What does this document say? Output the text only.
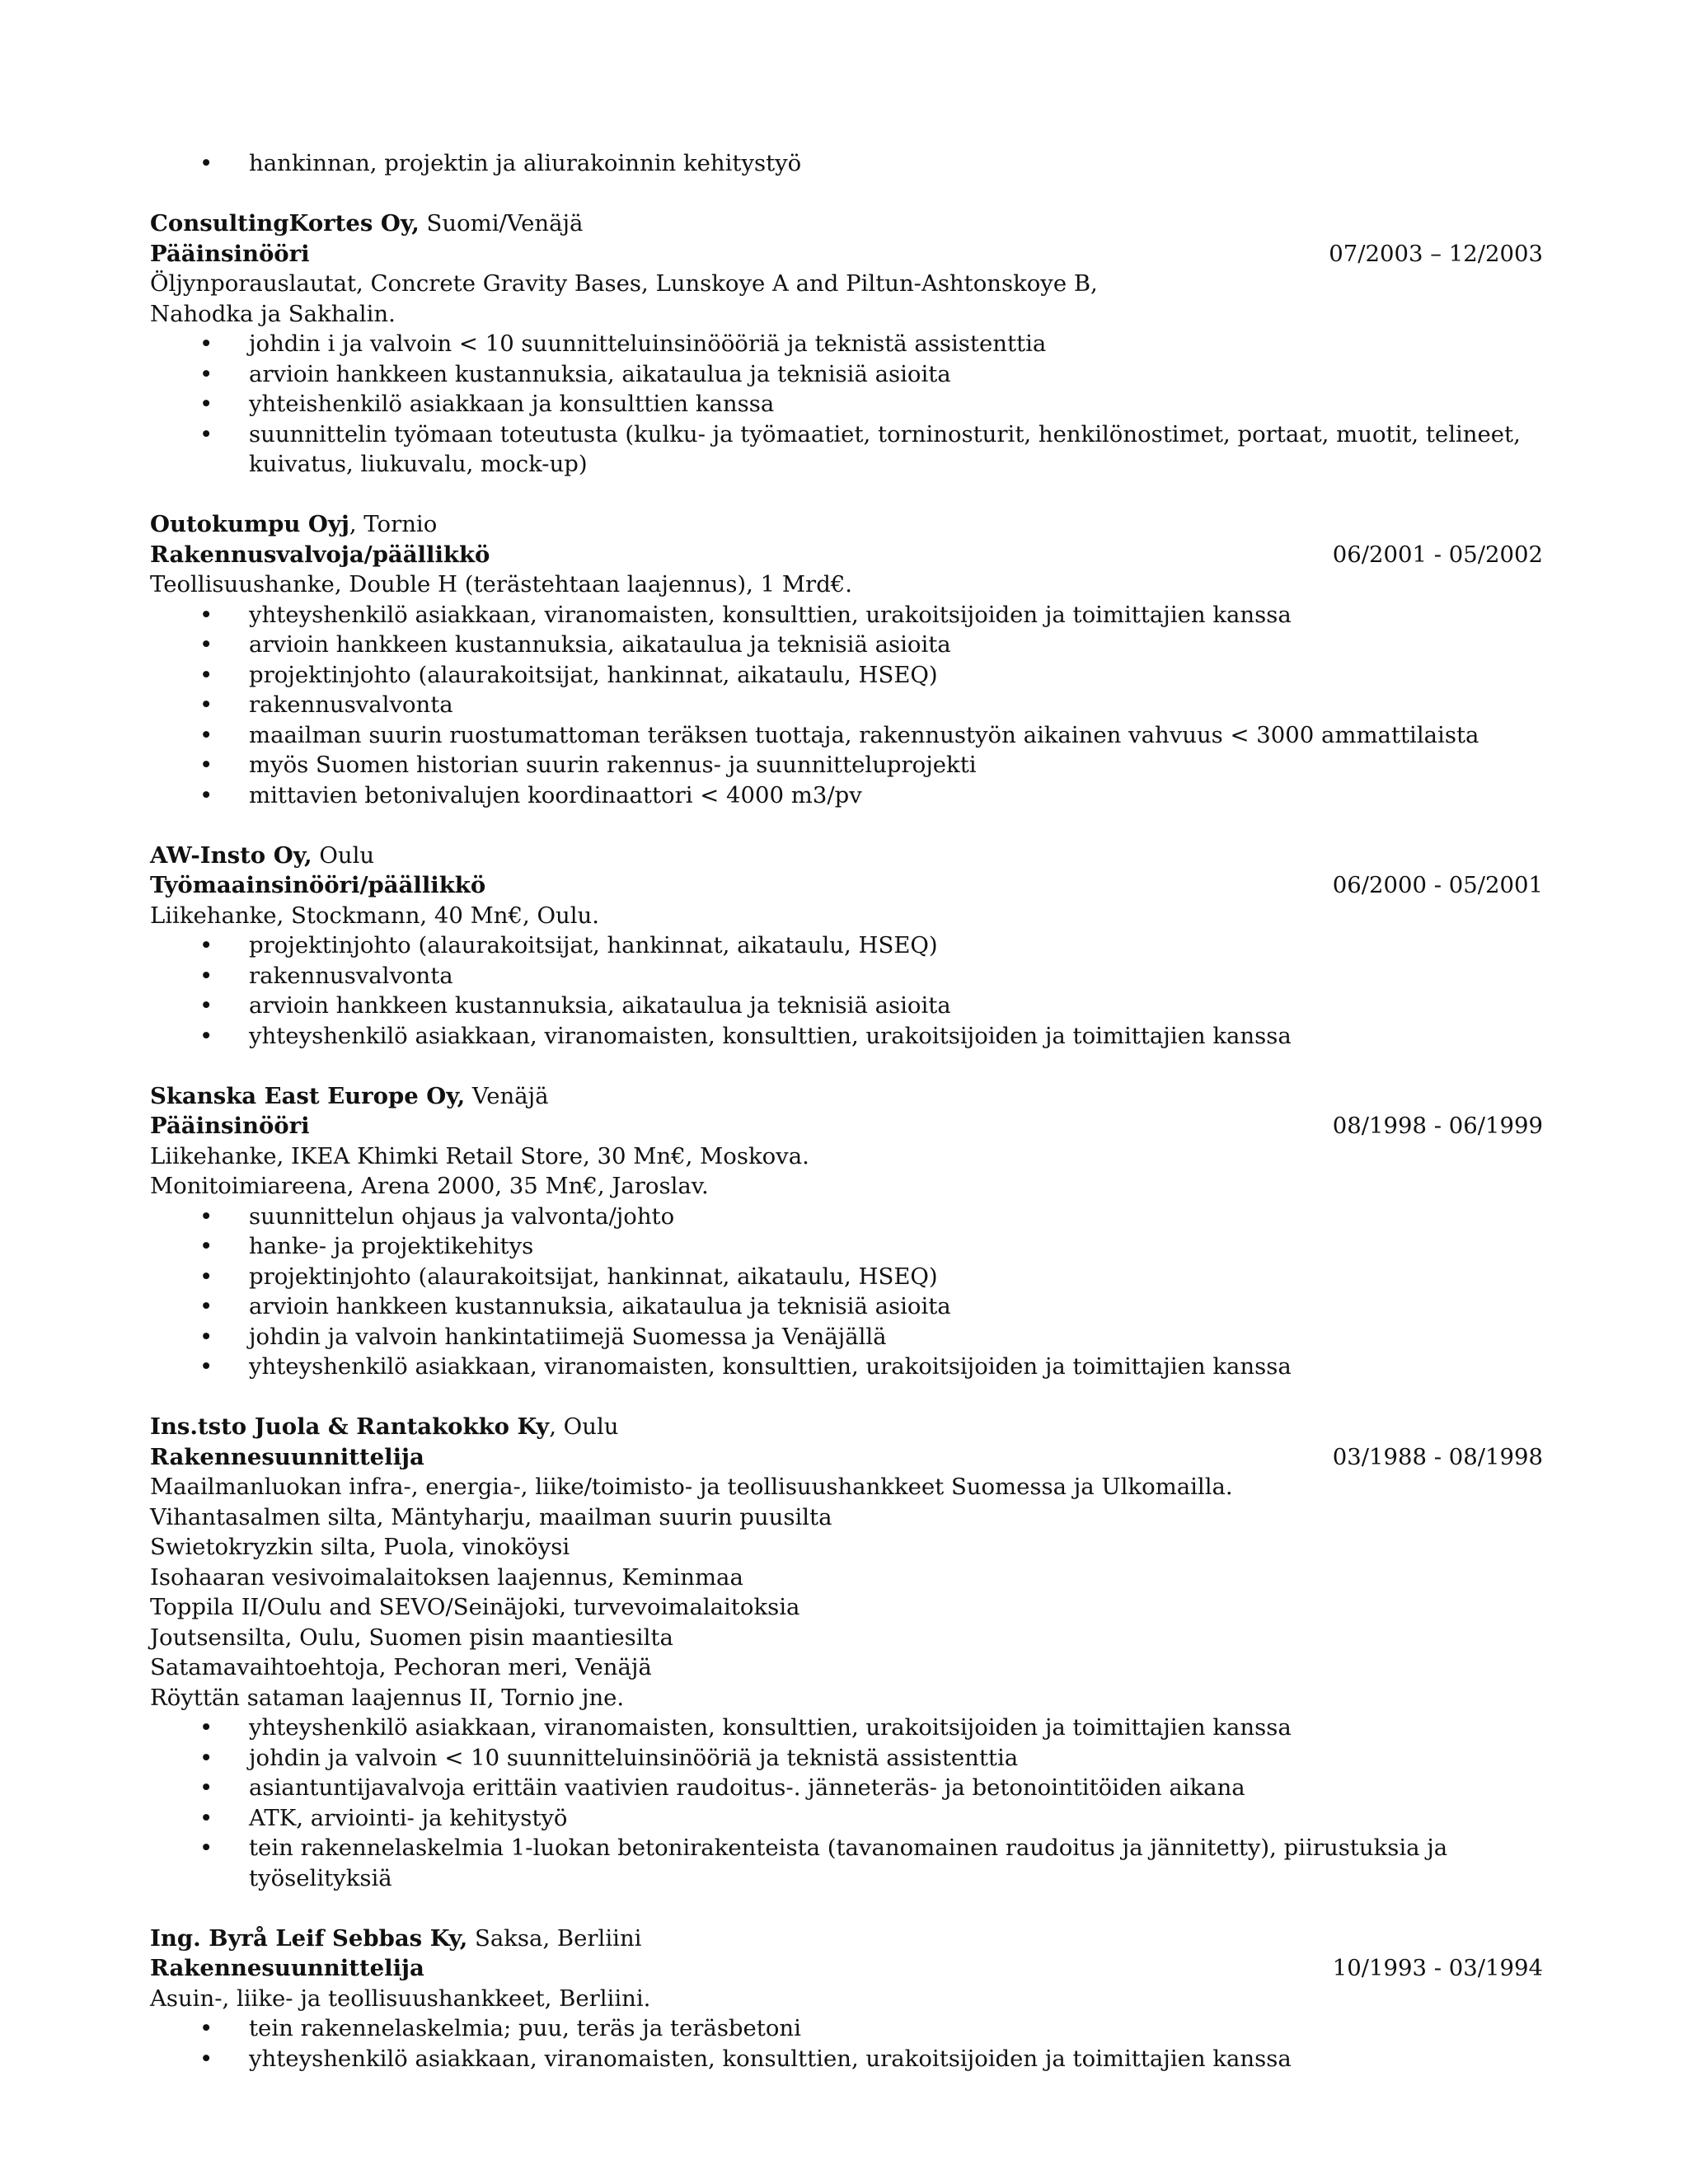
• hankinnan, projektin ja aliurakoinnin kehitystyö
ConsultingKortes Oy, Suomi/Venäjä
Pääinsinööri	07/2003 – 12/2003
Öljynporauslautat, Concrete Gravity Bases, Lunskoye A and Piltun-Ashtonskoye B,
Nahodka ja Sakhalin.
• johdin i ja valvoin < 10 suunnitteluinsinöööriä ja teknistä assistenttia
• arvioin hankkeen kustannuksia, aikataulua ja teknisiä asioita
• yhteishenkilö asiakkaan ja konsulttien kanssa
• suunnittelin työmaan toteutusta (kulku- ja työmaatiet, torninosturit, henkilönostimet, portaat, muotit, telineet, kuivatus, liukuvalu, mock-up)
Outokumpu Oyj, Tornio
Rakennusvalvoja/päällikkö	06/2001 - 05/2002
Teollisuushanke, Double H (terästehtaan laajennus), 1 Mrd€.
• yhteyshenkilö asiakkaan, viranomaisten, konsulttien, urakoitsijoiden ja toimittajien kanssa
• arvioin hankkeen kustannuksia, aikataulua ja teknisiä asioita
• projektinjohto (alaurakoitsijat, hankinnat, aikataulu, HSEQ)
• rakennusvalvonta
• maailman suurin ruostumattoman teräksen tuottaja, rakennustyön aikainen vahvuus < 3000 ammattilaista
• myös Suomen historian suurin rakennus- ja suunnitteluprojekti
• mittavien betonivalujen koordinaattori < 4000 m3/pv
AW-Insto Oy, Oulu
Työmaainsinööri/päällikkö	06/2000 - 05/2001
Liikehanke, Stockmann, 40 Mn€, Oulu.
• projektinjohto (alaurakoitsijat, hankinnat, aikataulu, HSEQ)
• rakennusvalvonta
• arvioin hankkeen kustannuksia, aikataulua ja teknisiä asioita
• yhteyshenkilö asiakkaan, viranomaisten, konsulttien, urakoitsijoiden ja toimittajien kanssa
Skanska East Europe Oy, Venäjä
Pääinsinööri	08/1998 - 06/1999
Liikehanke, IKEA Khimki Retail Store, 30 Mn€, Moskova.
Monitoimiareena, Arena 2000, 35 Mn€, Jaroslav.
• suunnittelun ohjaus ja valvonta/johto
• hanke- ja projektikehitys
• projektinjohto (alaurakoitsijat, hankinnat, aikataulu, HSEQ)
• arvioin hankkeen kustannuksia, aikataulua ja teknisiä asioita
• johdin ja valvoin hankintatiimejä Suomessa ja Venäjällä
• yhteyshenkilö asiakkaan, viranomaisten, konsulttien, urakoitsijoiden ja toimittajien kanssa
Ins.tsto Juola & Rantakokko Ky, Oulu
Rakennesuunnittelija	03/1988 - 08/1998
Maailmanluokan infra-, energia-, liike/toimisto- ja teollisuushankkeet Suomessa ja Ulkomailla.
Vihantasalmen silta, Mäntyharju, maailman suurin puusilta
Swietokryzkin silta, Puola, vinoköysi
Isohaaran vesivoimalaitoksen laajennus, Keminmaa
Toppila II/Oulu and SEVO/Seinäjoki, turvevoimalaitoksia
Joutsensilta, Oulu, Suomen pisin maantiesilta
Satamavaihtoehtoja, Pechoran meri, Venäjä
Röyttän sataman laajennus II, Tornio jne.
• yhteyshenkilö asiakkaan, viranomaisten, konsulttien, urakoitsijoiden ja toimittajien kanssa
• johdin ja valvoin < 10 suunnitteluinsinööriä ja teknistä assistenttia
• asiantuntijavalvoja erittäin vaativien raudoitus-. jänneteräs- ja betonointitöiden aikana
• ATK, arviointi- ja kehitystyö
• tein rakennelaskelmia 1-luokan betonirakenteista (tavanomainen raudoitus ja jännitetty), piirustuksia ja työselityksiä
Ing. Byrå Leif Sebbas Ky, Saksa, Berliini
Rakennesuunnittelija	10/1993 - 03/1994
Asuin-, liike- ja teollisuushankkeet, Berliini.
• tein rakennelaskelmia; puu, teräs ja teräsbetoni
• yhteyshenkilö asiakkaan, viranomaisten, konsulttien, urakoitsijoiden ja toimittajien kanssa
